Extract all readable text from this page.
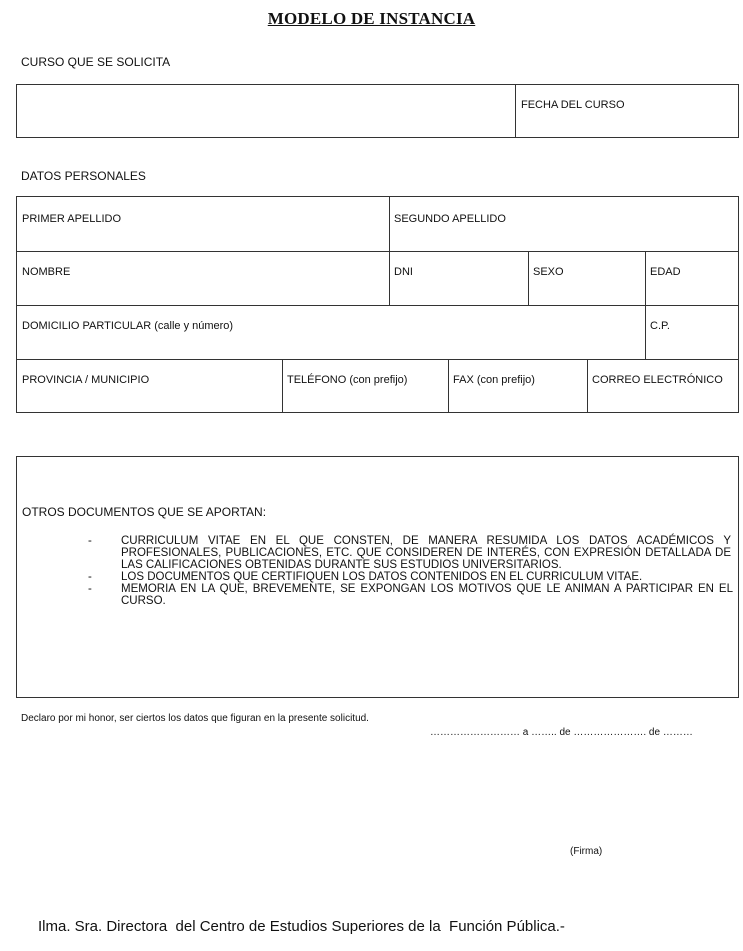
MODELO DE INSTANCIA
CURSO QUE SE SOLICITA
FECHA DEL CURSO
DATOS PERSONALES
PRIMER APELLIDO	SEGUNDO APELLIDO
NOMBRE	DNI	SEXO	EDAD
DOMICILIO PARTICULAR (calle y número)	C.P.
PROVINCIA / MUNICIPIO	TELÉFONO (con prefijo)	FAX (con prefijo)	CORREO ELECTRÓNICO
OTROS DOCUMENTOS QUE SE APORTAN:
-	CURRICULUM VITAE EN EL QUE CONSTEN, DE MANERA RESUMIDA LOS DATOS ACADÉMICOS Y PROFESIONALES, PUBLICACIONES, ETC. QUE CONSIDEREN DE INTERÉS, CON EXPRESIÓN DETALLADA DE LAS CALIFICACIONES OBTENIDAS DURANTE SUS ESTUDIOS UNIVERSITARIOS.
-	LOS DOCUMENTOS QUE CERTIFIQUEN LOS DATOS CONTENIDOS EN EL CURRICULUM VITAE.
-	MEMORIA EN LA QUE, BREVEMENTE, SE EXPONGAN LOS MOTIVOS QUE LE ANIMAN A PARTICIPAR EN EL CURSO.
Declaro por mi honor, ser ciertos los datos que figuran en la presente solicitud.
……………………… a …….. de …………………. de ………
(Firma)
Ilma. Sra. Directora  del Centro de Estudios Superiores de la  Función Pública.-
